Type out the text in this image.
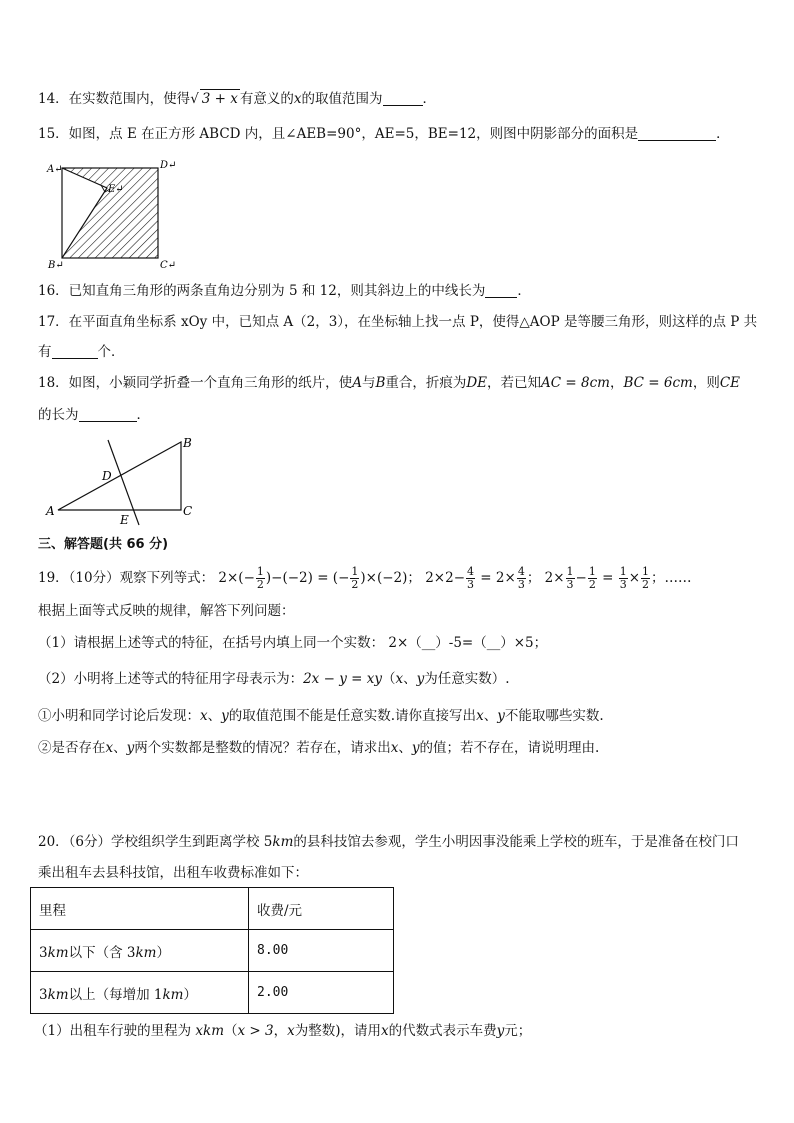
14．在实数范围内，使得√ 3 + x 有意义的x的取值范围为	．
15．如图，点 E 在正方形 ABCD 内，且∠AEB=90°，AE=5，BE=12，则图中阴影部分的面积是	．
A↵	D↵
E↵
B↵	C↵
16．已知直角三角形的两条直角边分别为 5 和 12，则其斜边上的中线长为 ．
17．在平面直角坐标系 xOy 中，已知点 A（2，3），在坐标轴上找一点 P，使得△AOP 是等腰三角形，则这样的点 P 共
有	个．
18．如图，小颖同学折叠一个直角三角形的纸片，使A与B重合，折痕为DE，若已知AC = 8cm，BC = 6cm，则CE
的长为	．
A
B
C
D
E
三、解答题(共 66 分)
19．（10分）观察下列等式： $2\times(- \frac{1}{2} )-(-2)$ = (− $\frac{1}{2} )\times(-2)$； $2\times 2- \frac{4}{3} = 2\times \frac{4}{3}$ ； $2\times \frac{1}{3} - \frac{1}{2} = \frac{1}{3} \times \frac{1}{2}$ ；……
根据上面等式反映的规律，解答下列问题：
（1）请根据上述等式的特征，在括号内填上同一个实数： 2×（__）-5=（__）×5；
（2）小明将上述等式的特征用字母表示为：2x − y = xy（x、y为任意实数）.
①小明和同学讨论后发现：x、y的取值范围不能是任意实数.请你直接写出x、y不能取哪些实数.
②是否存在x、y两个实数都是整数的情况？若存在，请求出x、y的值；若不存在，请说明理由.
20．（6分）学校组织学生到距离学校 5km的县科技馆去参观，学生小明因事没能乘上学校的班车，于是准备在校门口
乘出租车去县科技馆，出租车收费标准如下：
里程	收费/元
3km以下（含 3km）	8.00
3km以上（每增加 1km）	2.00
（1）出租车行驶的里程为 xkm（x > 3，x为整数)，请用x的代数式表示车费y元；
